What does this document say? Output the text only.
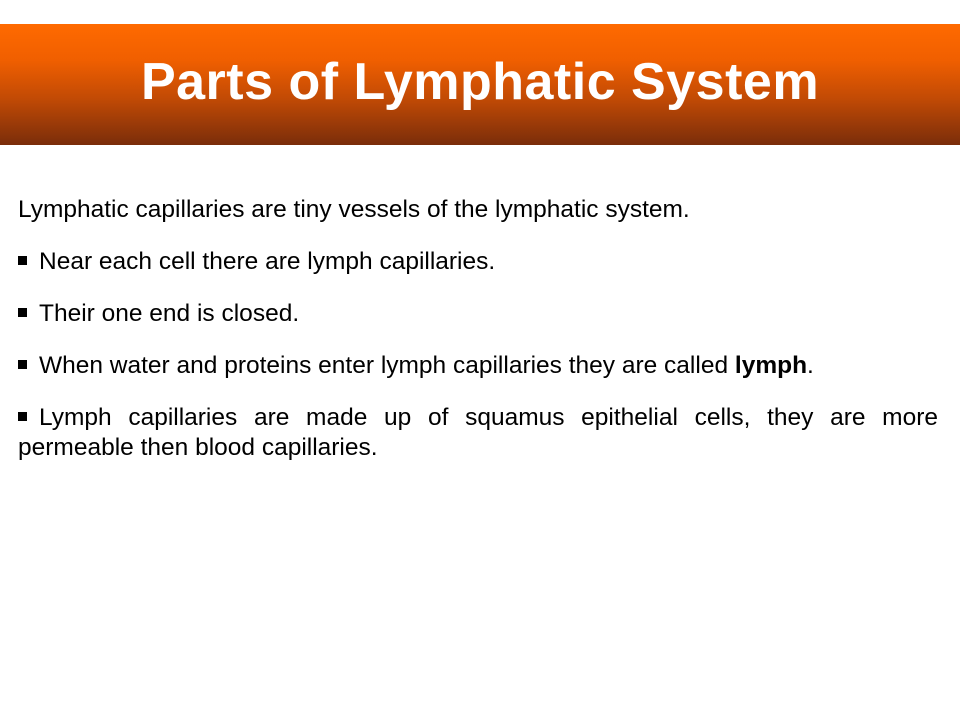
Parts of Lymphatic System

Lymphatic capillaries are tiny vessels of the lymphatic system.

Near each cell there are lymph capillaries.
Their one end is closed.
When water and proteins enter lymph capillaries they are called lymph.
Lymph capillaries are made up of squamus epithelial cells, they are more permeable then blood capillaries.
